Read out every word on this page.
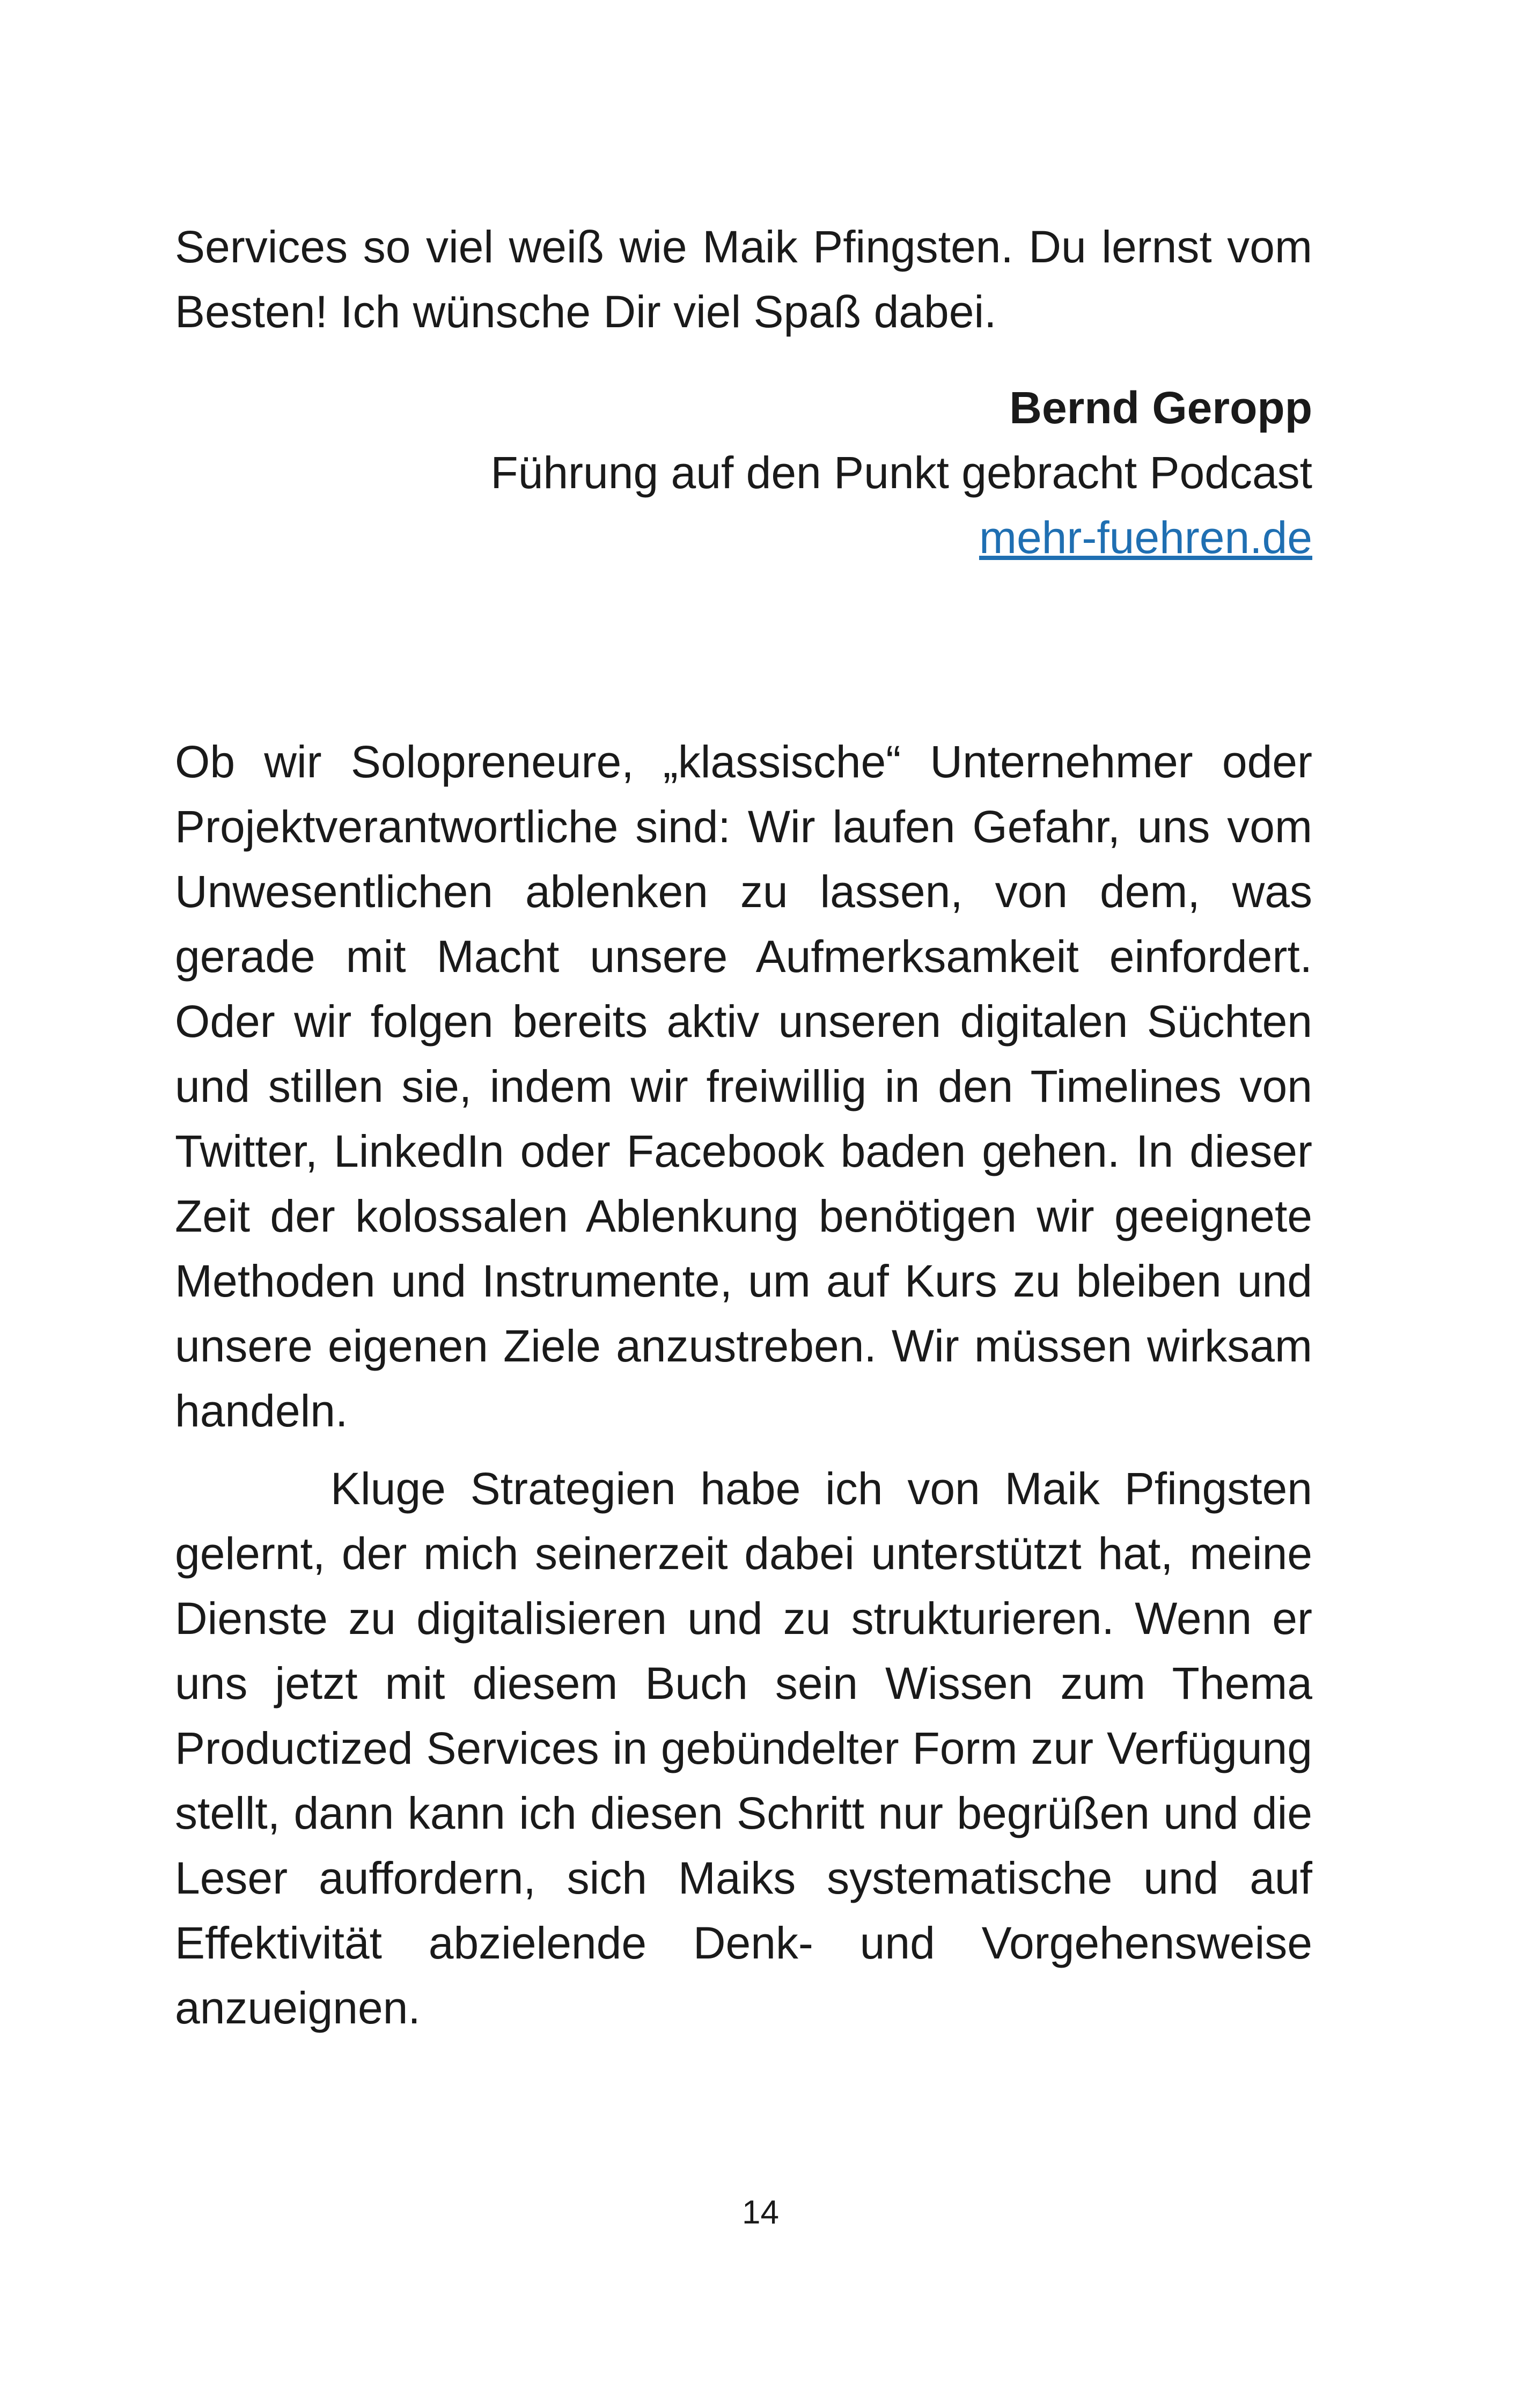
Services so viel weiß wie Maik Pfingsten. Du lernst vom Besten! Ich wünsche Dir viel Spaß dabei.

Bernd Geropp
Führung auf den Punkt gebracht Podcast
mehr-fuehren.de

Ob wir Solopreneure, „klassische“ Unternehmer oder Projektverantwortliche sind: Wir laufen Gefahr, uns vom Unwesentlichen ablenken zu lassen, von dem, was gerade mit Macht unsere Aufmerksamkeit einfordert. Oder wir folgen bereits aktiv unseren digitalen Süchten und stillen sie, indem wir freiwillig in den Timelines von Twitter, LinkedIn oder Facebook baden gehen. In dieser Zeit der kolossalen Ablenkung benötigen wir geeignete Methoden und Instrumente, um auf Kurs zu bleiben und unsere eigenen Ziele anzustreben. Wir müssen wirksam handeln.

Kluge Strategien habe ich von Maik Pfingsten gelernt, der mich seinerzeit dabei unterstützt hat, meine Dienste zu digitalisieren und zu strukturieren. Wenn er uns jetzt mit diesem Buch sein Wissen zum Thema Productized Services in gebündelter Form zur Verfügung stellt, dann kann ich diesen Schritt nur begrüßen und die Leser auffordern, sich Maiks systematische und auf Effektivität abzielende Denk- und Vorgehensweise anzueignen.

14
